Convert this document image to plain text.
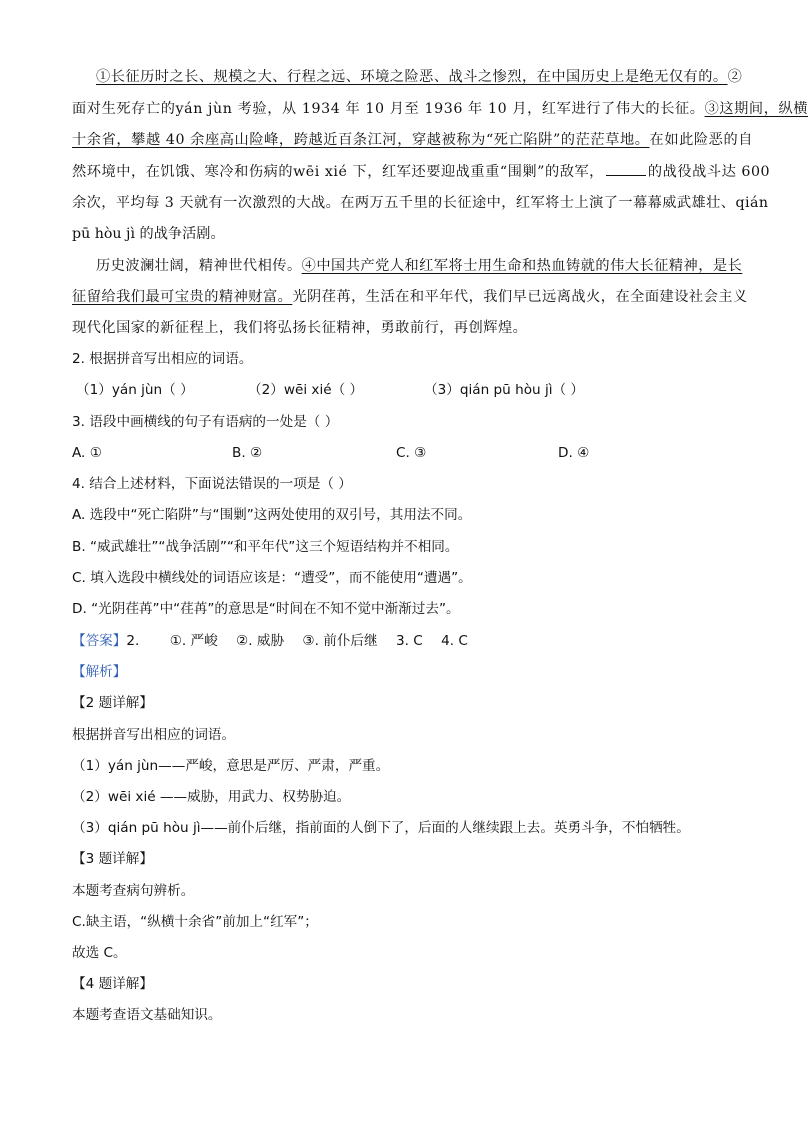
①长征历时之长、规模之大、行程之远、环境之险恶、战斗之惨烈，在中国历史上是绝无仅有的。②
面对生死存亡的yán jùn 考验，从 1934 年 10 月至 1936 年 10 月，红军进行了伟大的长征。③这期间，纵横
十余省，攀越 40 余座高山险峰，跨越近百条江河，穿越被称为“死亡陷阱”的茫茫草地。在如此险恶的自
然环境中，在饥饿、寒冷和伤病的wēi xié 下，红军还要迎战重重“围剿”的敌军，	的战役战斗达 600
余次，平均每 3 天就有一次激烈的大战。在两万五千里的长征途中，红军将士上演了一幕幕威武雄壮、qián
pū hòu jì 的战争活剧。
历史波澜壮阔，精神世代相传。④中国共产党人和红军将士用生命和热血铸就的伟大长征精神，是长
征留给我们最可宝贵的精神财富。光阴荏苒，生活在和平年代，我们早已远离战火，在全面建设社会主义
现代化国家的新征程上，我们将弘扬长征精神，勇敢前行，再创辉煌。
2. 根据拼音写出相应的词语。
（1）yán jùn（ ）	（2）wēi xié（ ）	（3）qián pū hòu jì（ ）
3. 语段中画横线的句子有语病的一处是（ ）
A. ①	B. ②	C. ③	D. ④
4. 结合上述材料，下面说法错误的一项是（ ）
A. 选段中“死亡陷阱”与“围剿”这两处使用的双引号，其用法不同。
B. “威武雄壮”“战争活剧”“和平年代”这三个短语结构并不相同。
C. 填入选段中横线处的词语应该是：“遭受”，而不能使用“遭遇”。
D. “光阴荏苒”中“荏苒”的意思是“时间在不知不觉中渐渐过去”。
【答案】2. ①. 严峻 ②. 威胁 ③. 前仆后继 3. C 4. C
【解析】
【2 题详解】
根据拼音写出相应的词语。
（1）yán jùn——严峻，意思是严厉、严肃，严重。
（2）wēi xié ——威胁，用武力、权势胁迫。
（3）qián pū hòu jì——前仆后继，指前面的人倒下了，后面的人继续跟上去。英勇斗争，不怕牺牲。
【3 题详解】
本题考查病句辨析。
C.缺主语，“纵横十余省”前加上“红军”；
故选 C。
【4 题详解】
本题考查语文基础知识。
